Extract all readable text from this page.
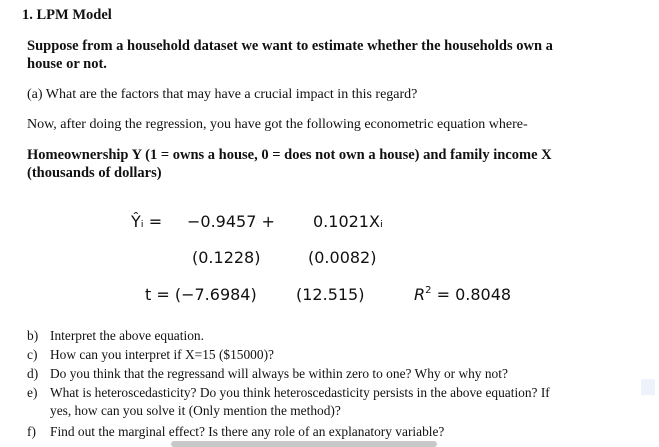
1. LPM Model
Suppose from a household dataset we want to estimate whether the households own a
house or not.
(a) What are the factors that may have a crucial impact in this regard?
Now, after doing the regression, you have got the following econometric equation where-
Homeownership Y (1 = owns a house, 0 = does not own a house) and family income X
(thousands of dollars)
Ŷᵢ = −0.9457 + 0.1021Xᵢ
(0.1228)	(0.0082)
t = (−7.6984) (12.515)	$R^2 = 0.8048$
b) Interpret the above equation.
c) How can you interpret if X=15 ($15000)?
d) Do you think that the regressand will always be within zero to one? Why or why not?
e) What is heteroscedasticity? Do you think heteroscedasticity persists in the above equation? If
yes, how can you solve it (Only mention the method)?
f) Find out the marginal effect? Is there any role of an explanatory variable?
